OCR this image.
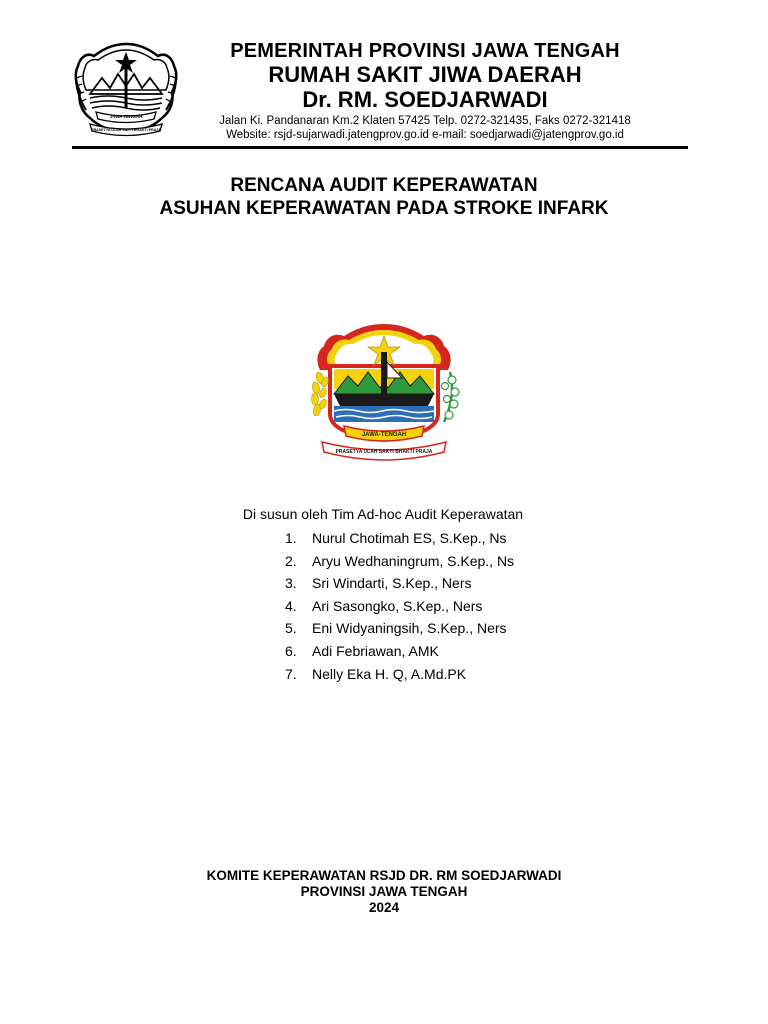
JAWA TENGAH
PRASETYA ULAH SAKTI BHAKTI PRAJA
PEMERINTAH PROVINSI JAWA TENGAH
RUMAH SAKIT JIWA DAERAH
Dr. RM. SOEDJARWADI
Jalan Ki. Pandanaran Km.2 Klaten 57425 Telp. 0272-321435, Faks 0272-321418
Website: rsjd-sujarwadi.jatengprov.go.id e-mail: soedjarwadi@jatengprov.go.id
RENCANA AUDIT KEPERAWATAN
ASUHAN KEPERAWATAN PADA STROKE INFARK
JAWA-TENGAH
PRASETYA ULAH SAKTI BHAKTI PRAJA
Di susun oleh Tim Ad-hoc Audit Keperawatan
1.	Nurul Chotimah ES, S.Kep., Ns
2.	Aryu Wedhaningrum, S.Kep., Ns
3.	Sri Windarti, S.Kep., Ners
4.	Ari Sasongko, S.Kep., Ners
5.	Eni Widyaningsih, S.Kep., Ners
6.	Adi Febriawan, AMK
7.	Nelly Eka H. Q, A.Md.PK
KOMITE KEPERAWATAN RSJD DR. RM SOEDJARWADI
PROVINSI JAWA TENGAH
2024
